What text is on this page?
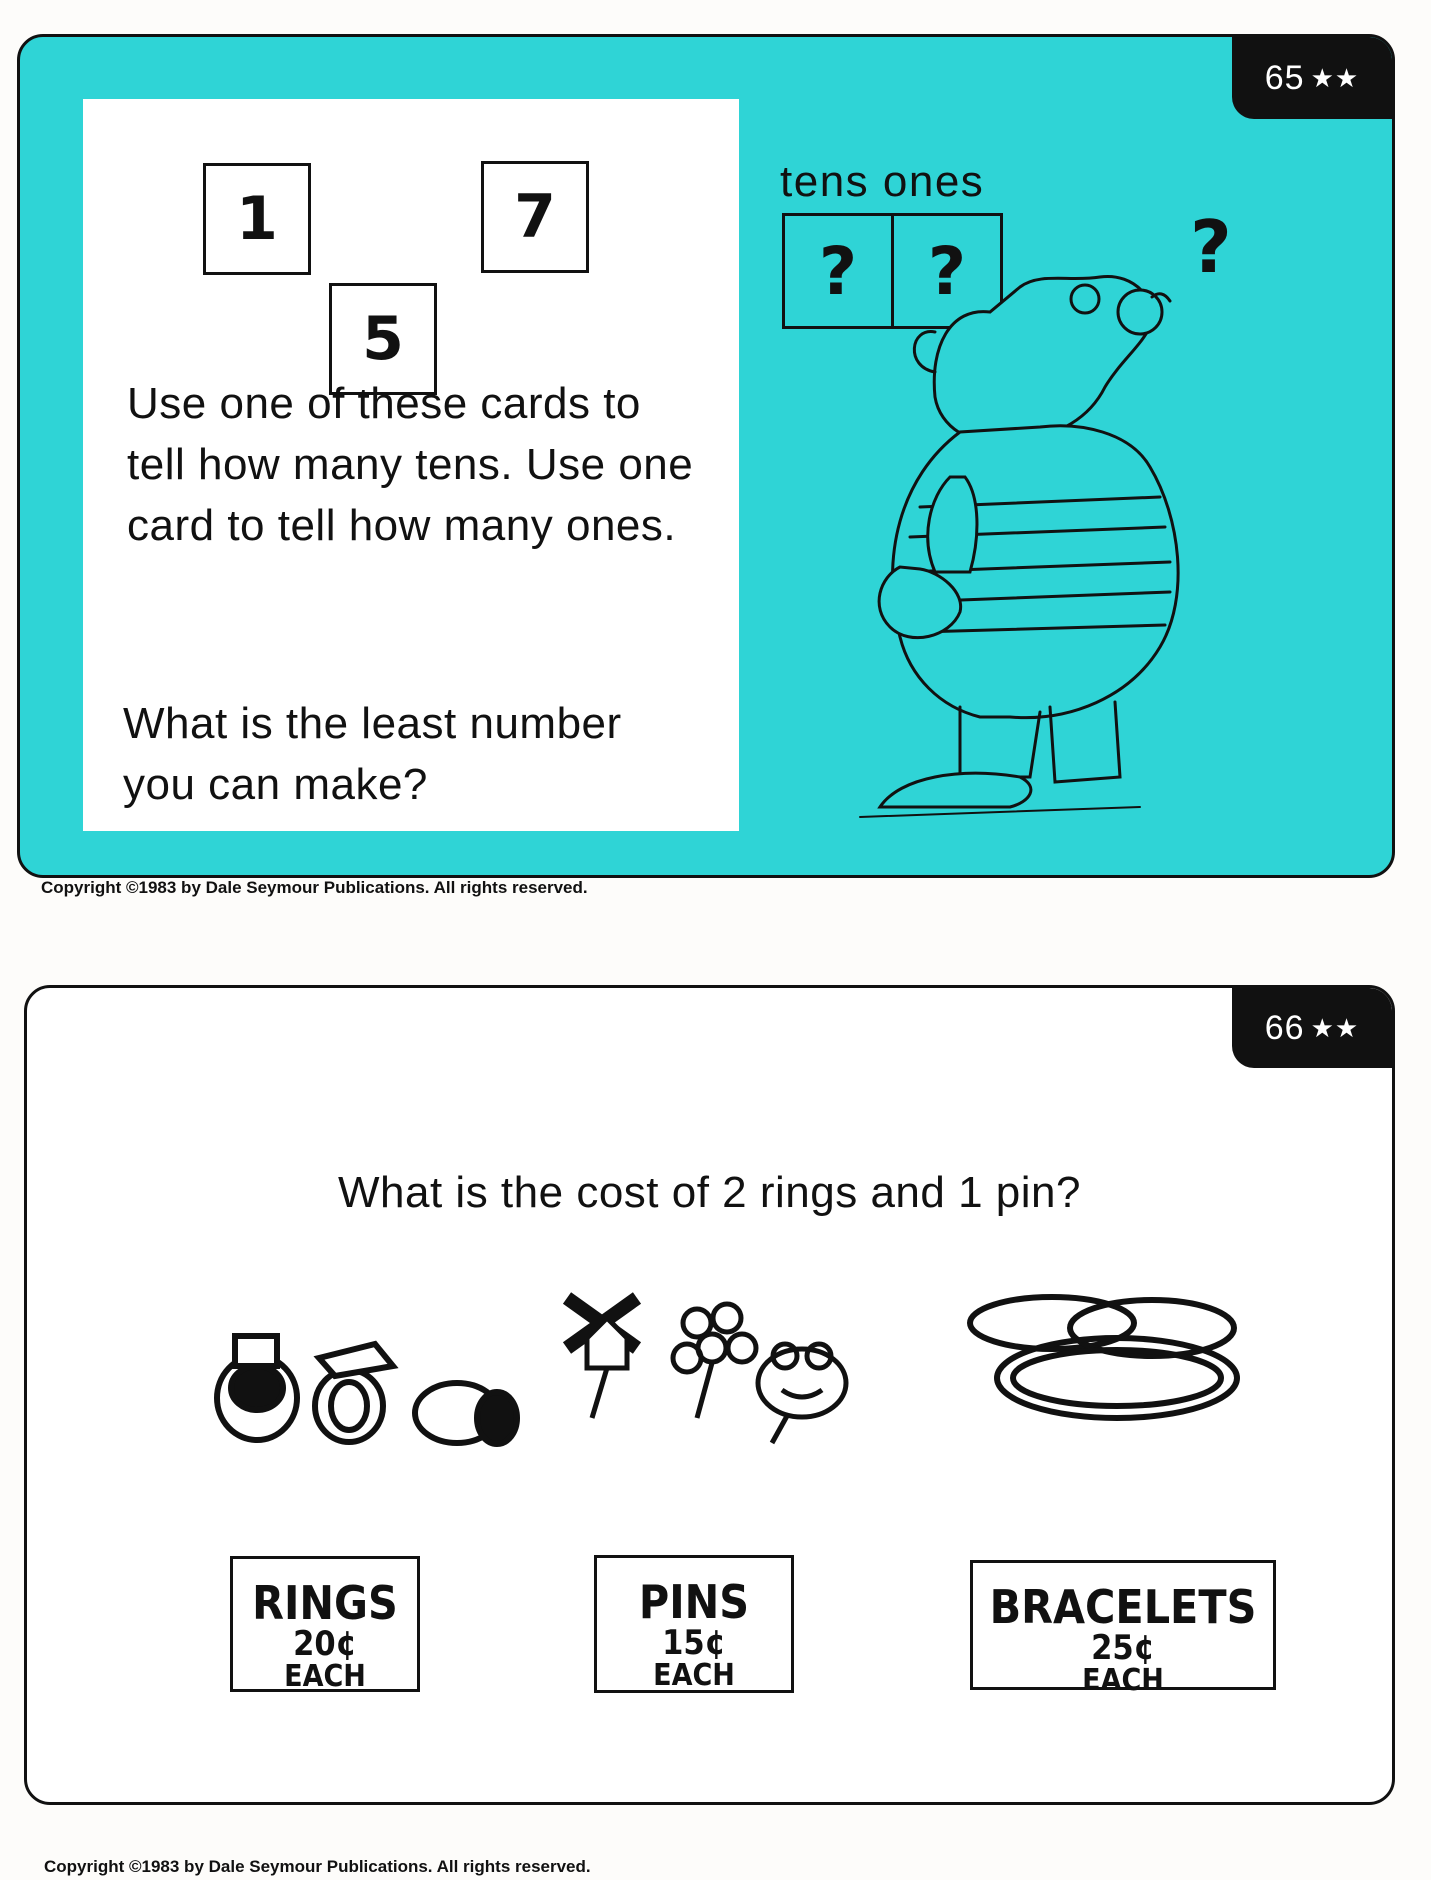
65 ★★
1	7
5
Use one of these cards to tell how many tens. Use one card to tell how many ones.
What is the least number you can make?
tens ones
?	?	?
Copyright ©1983 by Dale Seymour Publications. All rights reserved.
66 ★★
What is the cost of 2 rings and 1 pin?
RINGS
20¢
EACH
PINS
15¢
EACH
BRACELETS
25¢
EACH
Copyright ©1983 by Dale Seymour Publications. All rights reserved.
